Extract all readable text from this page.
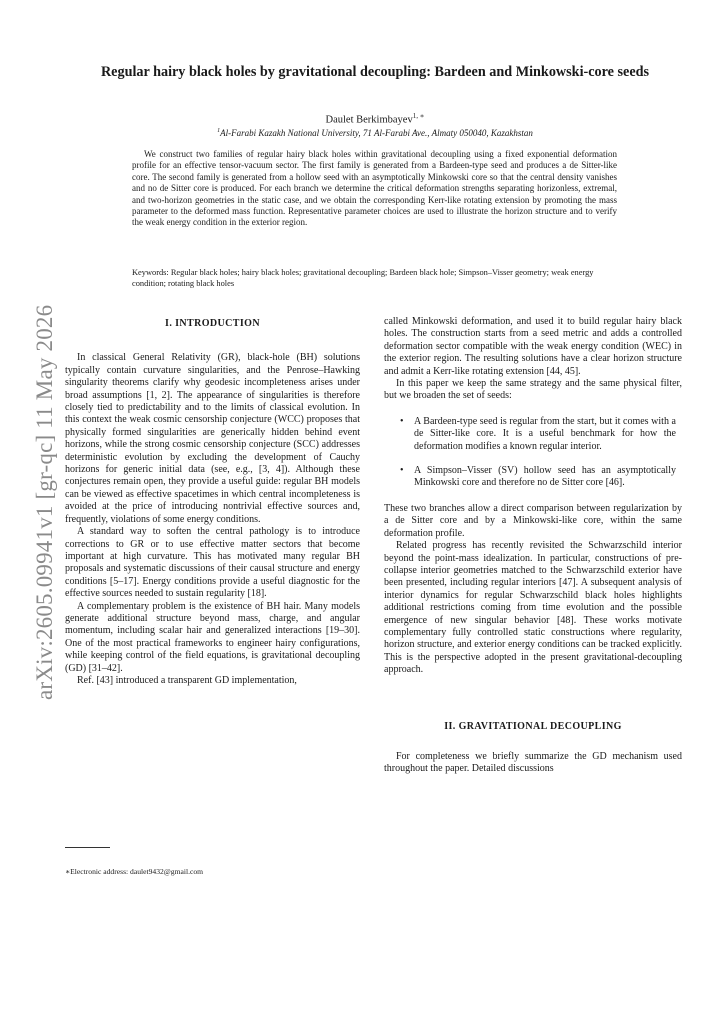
arXiv:2605.09941v1 [gr-qc] 11 May 2026
Regular hairy black holes by gravitational decoupling: Bardeen and Minkowski-core seeds
Daulet Berkimbayev$^{1, ∗}$
$^1$Al-Farabi Kazakh National University, 71 Al-Farabi Ave., Almaty 050040, Kazakhstan

We construct two families of regular hairy black holes within gravitational decoupling using a fixed exponential deformation profile for an effective tensor-vacuum sector. The first family is generated from a Bardeen-type seed and produces a de Sitter-like core. The second family is generated from a hollow seed with an asymptotically Minkowski core so that the central density vanishes and no de Sitter core is produced. For each branch we determine the critical deformation strengths separating horizonless, extremal, and two-horizon geometries in the static case, and we obtain the corresponding Kerr-like rotating extension by promoting the mass parameter to the deformed mass function. Representative parameter choices are used to illustrate the horizon structure and to verify the weak energy condition in the exterior region.

Keywords: Regular black holes; hairy black holes; gravitational decoupling; Bardeen black hole; Simpson–Visser geometry; weak energy condition; rotating black holes

I. INTRODUCTION

In classical General Relativity (GR), black-hole (BH) solutions typically contain curvature singularities, and the Penrose–Hawking singularity theorems clarify why geodesic incompleteness arises under broad assumptions [1, 2]. The appearance of singularities is therefore closely tied to predictability and to the limits of classical evolution. In this context the weak cosmic censorship conjecture (WCC) proposes that physically formed singularities are generically hidden behind event horizons, while the strong cosmic censorship conjecture (SCC) addresses deterministic evolution by excluding the development of Cauchy horizons for generic initial data (see, e.g., [3, 4]). Although these conjectures remain open, they provide a useful guide: regular BH models can be viewed as effective spacetimes in which central incompleteness is avoided at the price of introducing nontrivial effective sources and, frequently, violations of some energy conditions.

A standard way to soften the central pathology is to introduce corrections to GR or to use effective matter sectors that become important at high curvature. This has motivated many regular BH proposals and systematic discussions of their causal structure and energy conditions [5–17]. Energy conditions provide a useful diagnostic for the effective sources needed to sustain regularity [18].

A complementary problem is the existence of BH hair. Many models generate additional structure beyond mass, charge, and angular momentum, including scalar hair and generalized interactions [19–30]. One of the most practical frameworks to engineer hairy configurations, while keeping control of the field equations, is gravitational decoupling (GD) [31–42].

Ref. [43] introduced a transparent GD implementation,

called Minkowski deformation, and used it to build regular hairy black holes. The construction starts from a seed metric and adds a controlled deformation sector compatible with the weak energy condition (WEC) in the exterior region. The resulting solutions have a clear horizon structure and admit a Kerr-like rotating extension [44, 45].

In this paper we keep the same strategy and the same physical filter, but we broaden the set of seeds:

• A Bardeen-type seed is regular from the start, but it comes with a de Sitter-like core. It is a useful benchmark for how the deformation modifies a known regular interior.
• A Simpson–Visser (SV) hollow seed has an asymptotically Minkowski core and therefore no de Sitter core [46].

These two branches allow a direct comparison between regularization by a de Sitter core and by a Minkowski-like core, within the same deformation profile.

Related progress has recently revisited the Schwarzschild interior beyond the point-mass idealization. In particular, constructions of pre-collapse interior geometries matched to the Schwarzschild exterior have been presented, including regular interiors [47]. A subsequent analysis of interior dynamics for regular Schwarzschild black holes highlights additional restrictions coming from time evolution and the possible emergence of new singular behavior [48]. These works motivate complementary fully controlled static constructions where regularity, horizon structure, and exterior energy conditions can be tracked explicitly. This is the perspective adopted in the present gravitational-decoupling approach.

II. GRAVITATIONAL DECOUPLING

For completeness we briefly summarize the GD mechanism used throughout the paper. Detailed discussions

∗Electronic address: daulet9432@gmail.com
